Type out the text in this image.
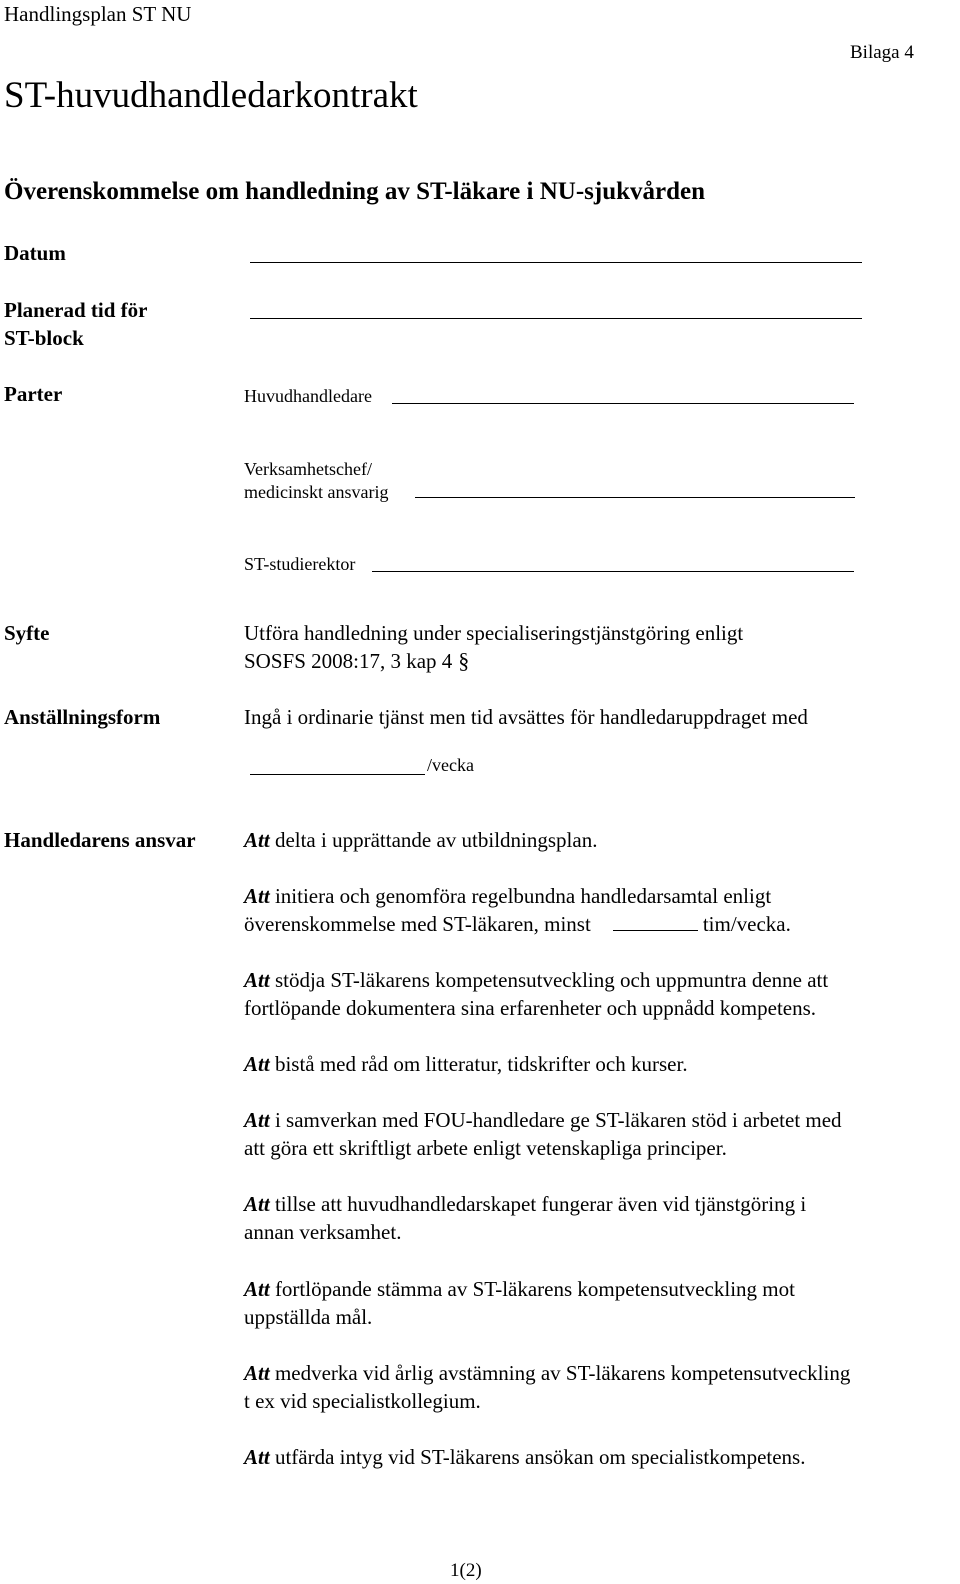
Handlingsplan ST NU
Bilaga 4
ST-huvudhandledarkontrakt
Överenskommelse om handledning av ST-läkare i NU-sjukvården
Datum
Planerad tid för
ST-block
Parter	Huvudhandledare
Verksamhetschef/
medicinskt ansvarig
ST-studierektor
Syfte	Utföra handledning under specialiseringstjänstgöring enligt
SOSFS 2008:17, 3 kap 4 §
Anställningsform	Ingå i ordinarie tjänst men tid avsättes för handledaruppdraget med
/vecka
Handledarens ansvar Att delta i upprättande av utbildningsplan.
Att initiera och genomföra regelbundna handledarsamtal enligt
överenskommelse med ST-läkaren, minst	tim/vecka.
Att stödja ST-läkarens kompetensutveckling och uppmuntra denne att
fortlöpande dokumentera sina erfarenheter och uppnådd kompetens.
Att bistå med råd om litteratur, tidskrifter och kurser.
Att i samverkan med FOU-handledare ge ST-läkaren stöd i arbetet med
att göra ett skriftligt arbete enligt vetenskapliga principer.
Att tillse att huvudhandledarskapet fungerar även vid tjänstgöring i
annan verksamhet.
Att fortlöpande stämma av ST-läkarens kompetensutveckling mot
uppställda mål.
Att medverka vid årlig avstämning av ST-läkarens kompetensutveckling
t ex vid specialistkollegium.
Att utfärda intyg vid ST-läkarens ansökan om specialistkompetens.
1(2)
